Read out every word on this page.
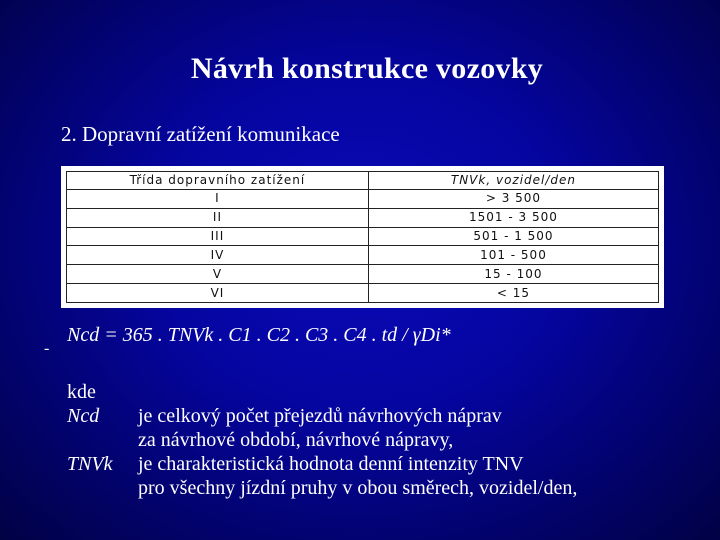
Návrh konstrukce vozovky
2. Dopravní zatížení komunikace
Třída dopravního zatížení	TNVk, vozidel/den
I	> 3 500
II	1501 - 3 500
III	501 - 1 500
IV	101 - 500
V	15 - 100
VI	< 15
-
Ncd = 365 . TNVk . C1 . C2 . C3 . C4 . td / γDi*
kde
Ncd	je celkový počet přejezdů návrhových náprav
za návrhové období, návrhové nápravy,
TNVk	je charakteristická hodnota denní intenzity TNV
pro všechny jízdní pruhy v obou směrech, vozidel/den,
